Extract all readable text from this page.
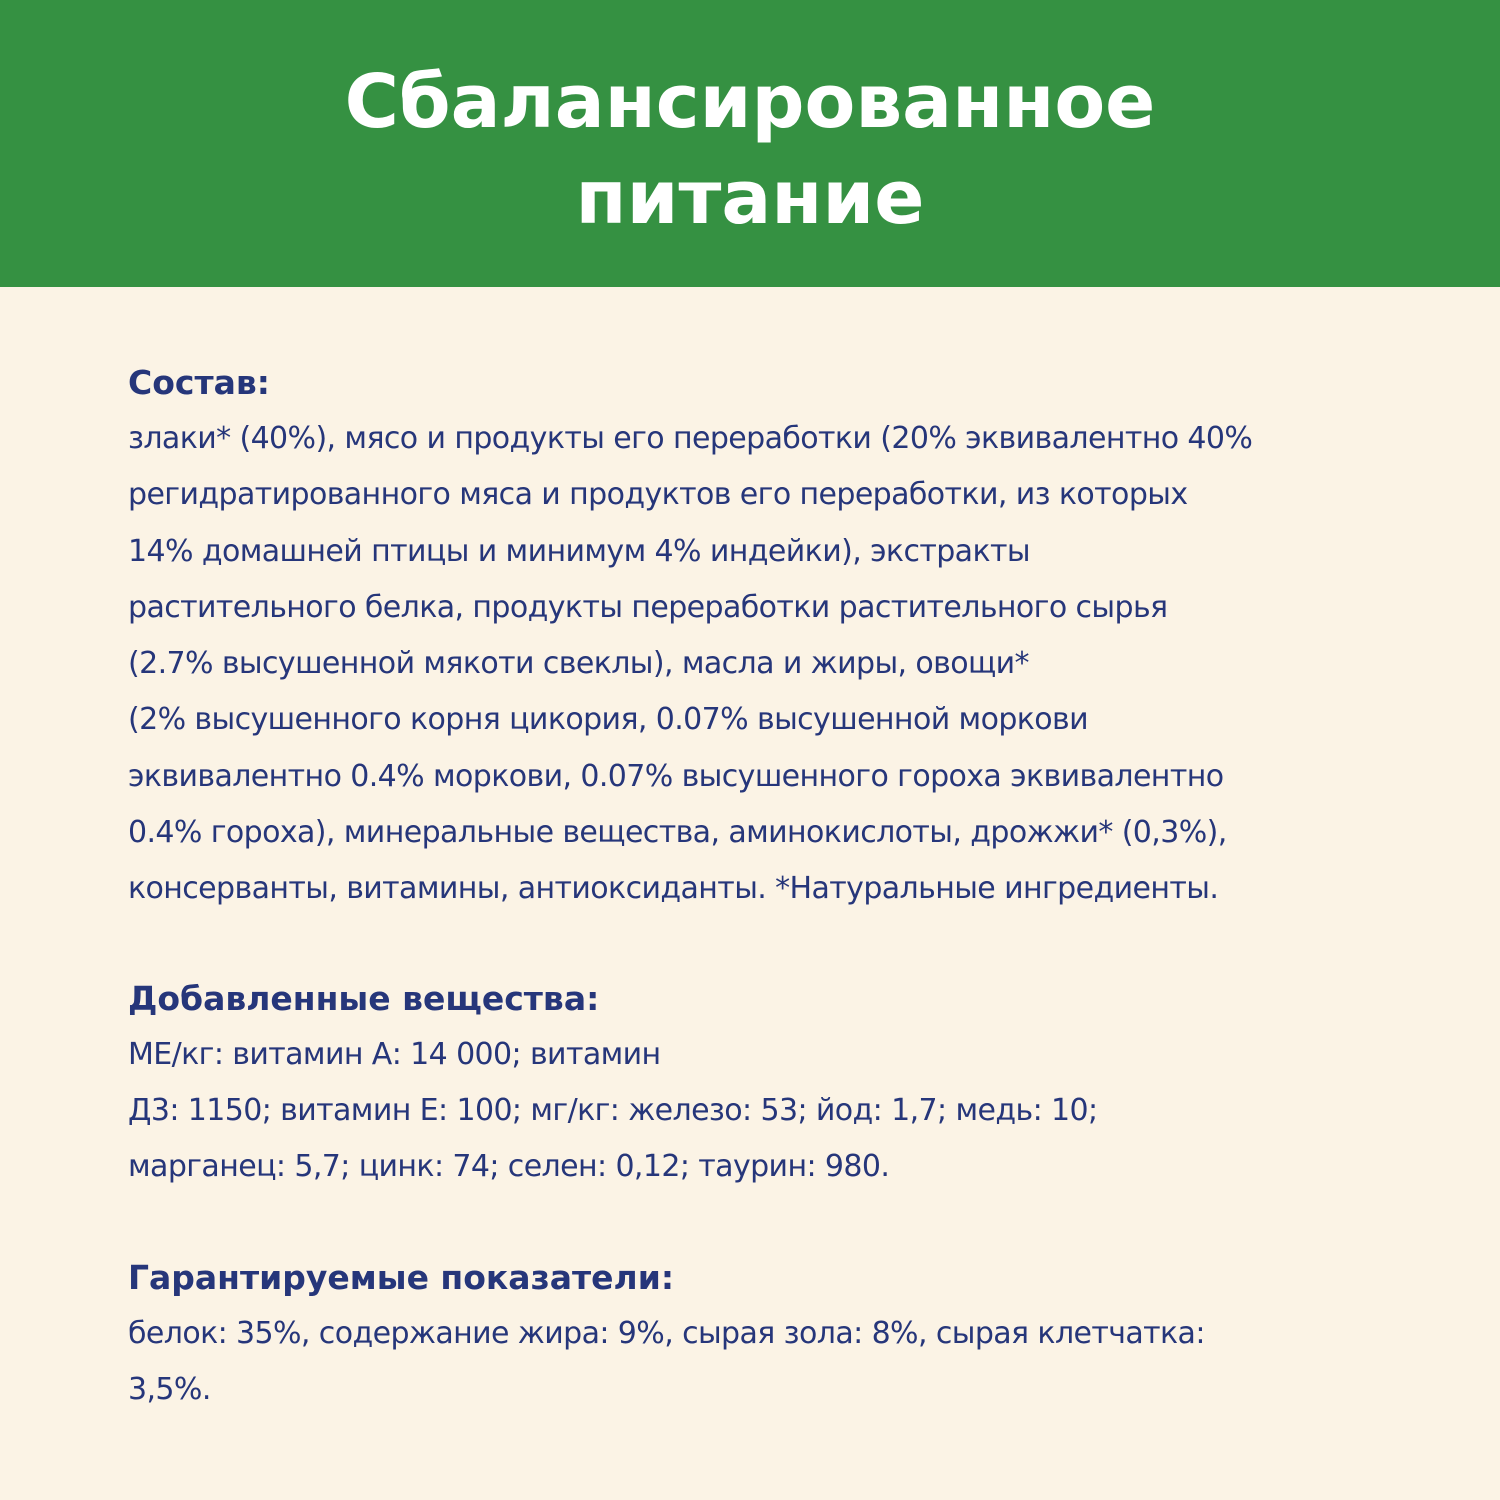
Сбалансированное
питание
Состав:
злаки* (40%), мясо и продукты его переработки (20% эквивалентно 40%
регидратированного мяса и продуктов его переработки, из которых
14% домашней птицы и минимум 4% индейки), экстракты
растительного белка, продукты переработки растительного сырья
(2.7% высушенной мякоти свеклы), масла и жиры, овощи*
(2% высушенного корня цикория, 0.07% высушенной моркови
эквивалентно 0.4% моркови, 0.07% высушенного гороха эквивалентно
0.4% гороха), минеральные вещества, аминокислоты, дрожжи* (0,3%),
консерванты, витамины, антиоксиданты. *Натуральные ингредиенты.
Добавленные вещества:
МЕ/кг: витамин А: 14 000; витамин
Д3: 1150; витамин Е: 100; мг/кг: железо: 53; йод: 1,7; медь: 10;
марганец: 5,7; цинк: 74; селен: 0,12; таурин: 980.
Гарантируемые показатели:
белок: 35%, содержание жира: 9%, сырая зола: 8%, сырая клетчатка:
3,5%.
